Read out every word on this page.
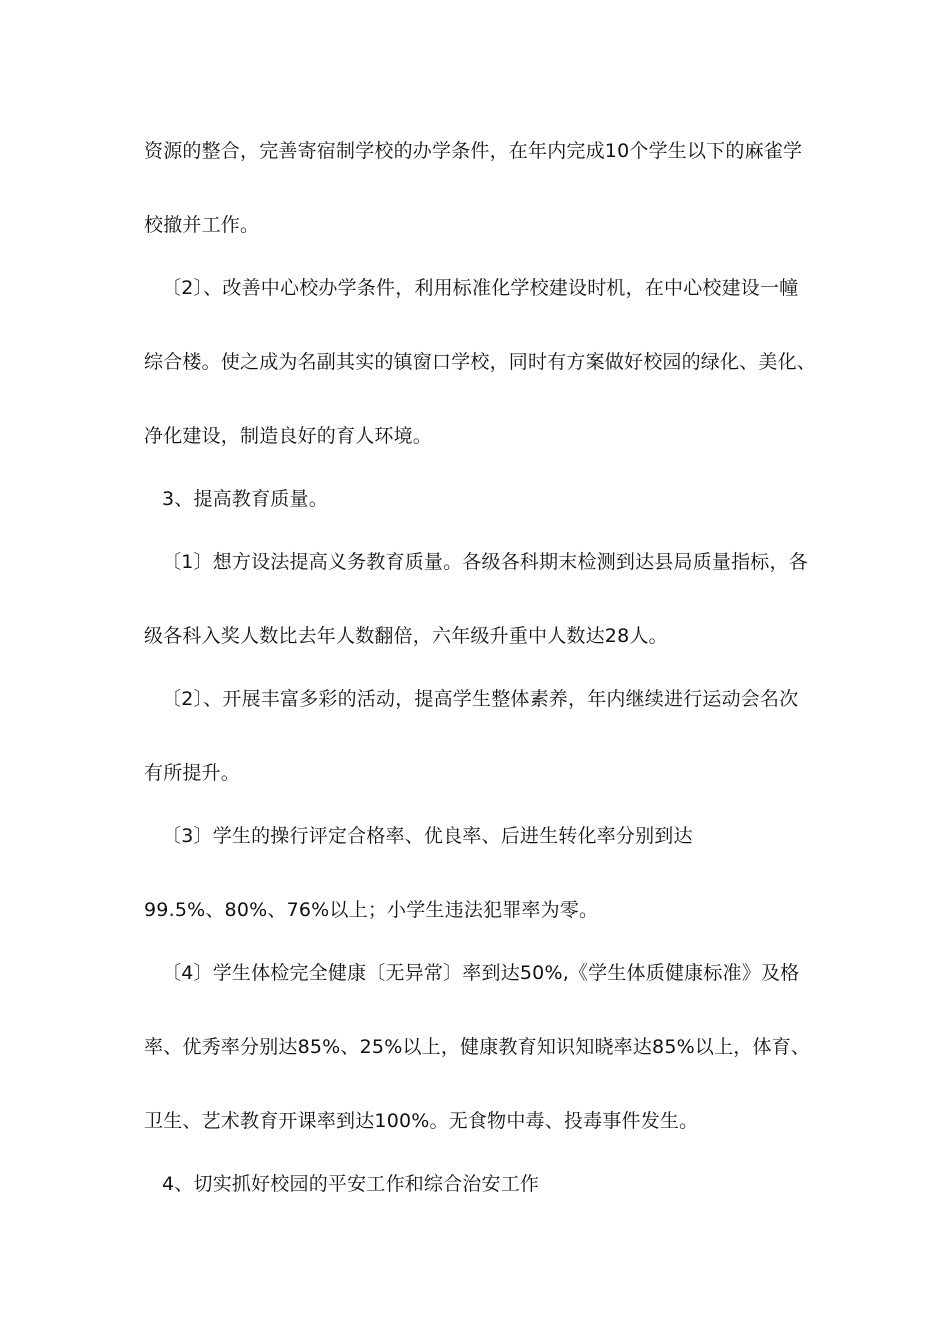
资源的整合，完善寄宿制学校的办学条件，在年内完成10个学生以下的麻雀学
校撤并工作。
〔2〕、改善中心校办学条件，利用标准化学校建设时机，在中心校建设一幢
综合楼。使之成为名副其实的镇窗口学校，同时有方案做好校园的绿化、美化、
净化建设，制造良好的育人环境。
3、提高教育质量。
〔1〕想方设法提高义务教育质量。各级各科期末检测到达县局质量指标，各
级各科入奖人数比去年人数翻倍，六年级升重中人数达28人。
〔2〕、开展丰富多彩的活动，提高学生整体素养，年内继续进行运动会名次
有所提升。
〔3〕学生的操行评定合格率、优良率、后进生转化率分别到达
99.5%、80%、76%以上；小学生违法犯罪率为零。
〔4〕学生体检完全健康〔无异常〕率到达50%,《学生体质健康标准》及格
率、优秀率分别达85%、25%以上，健康教育知识知晓率达85%以上，体育、
卫生、艺术教育开课率到达100%。无食物中毒、投毒事件发生。
4、切实抓好校园的平安工作和综合治安工作
